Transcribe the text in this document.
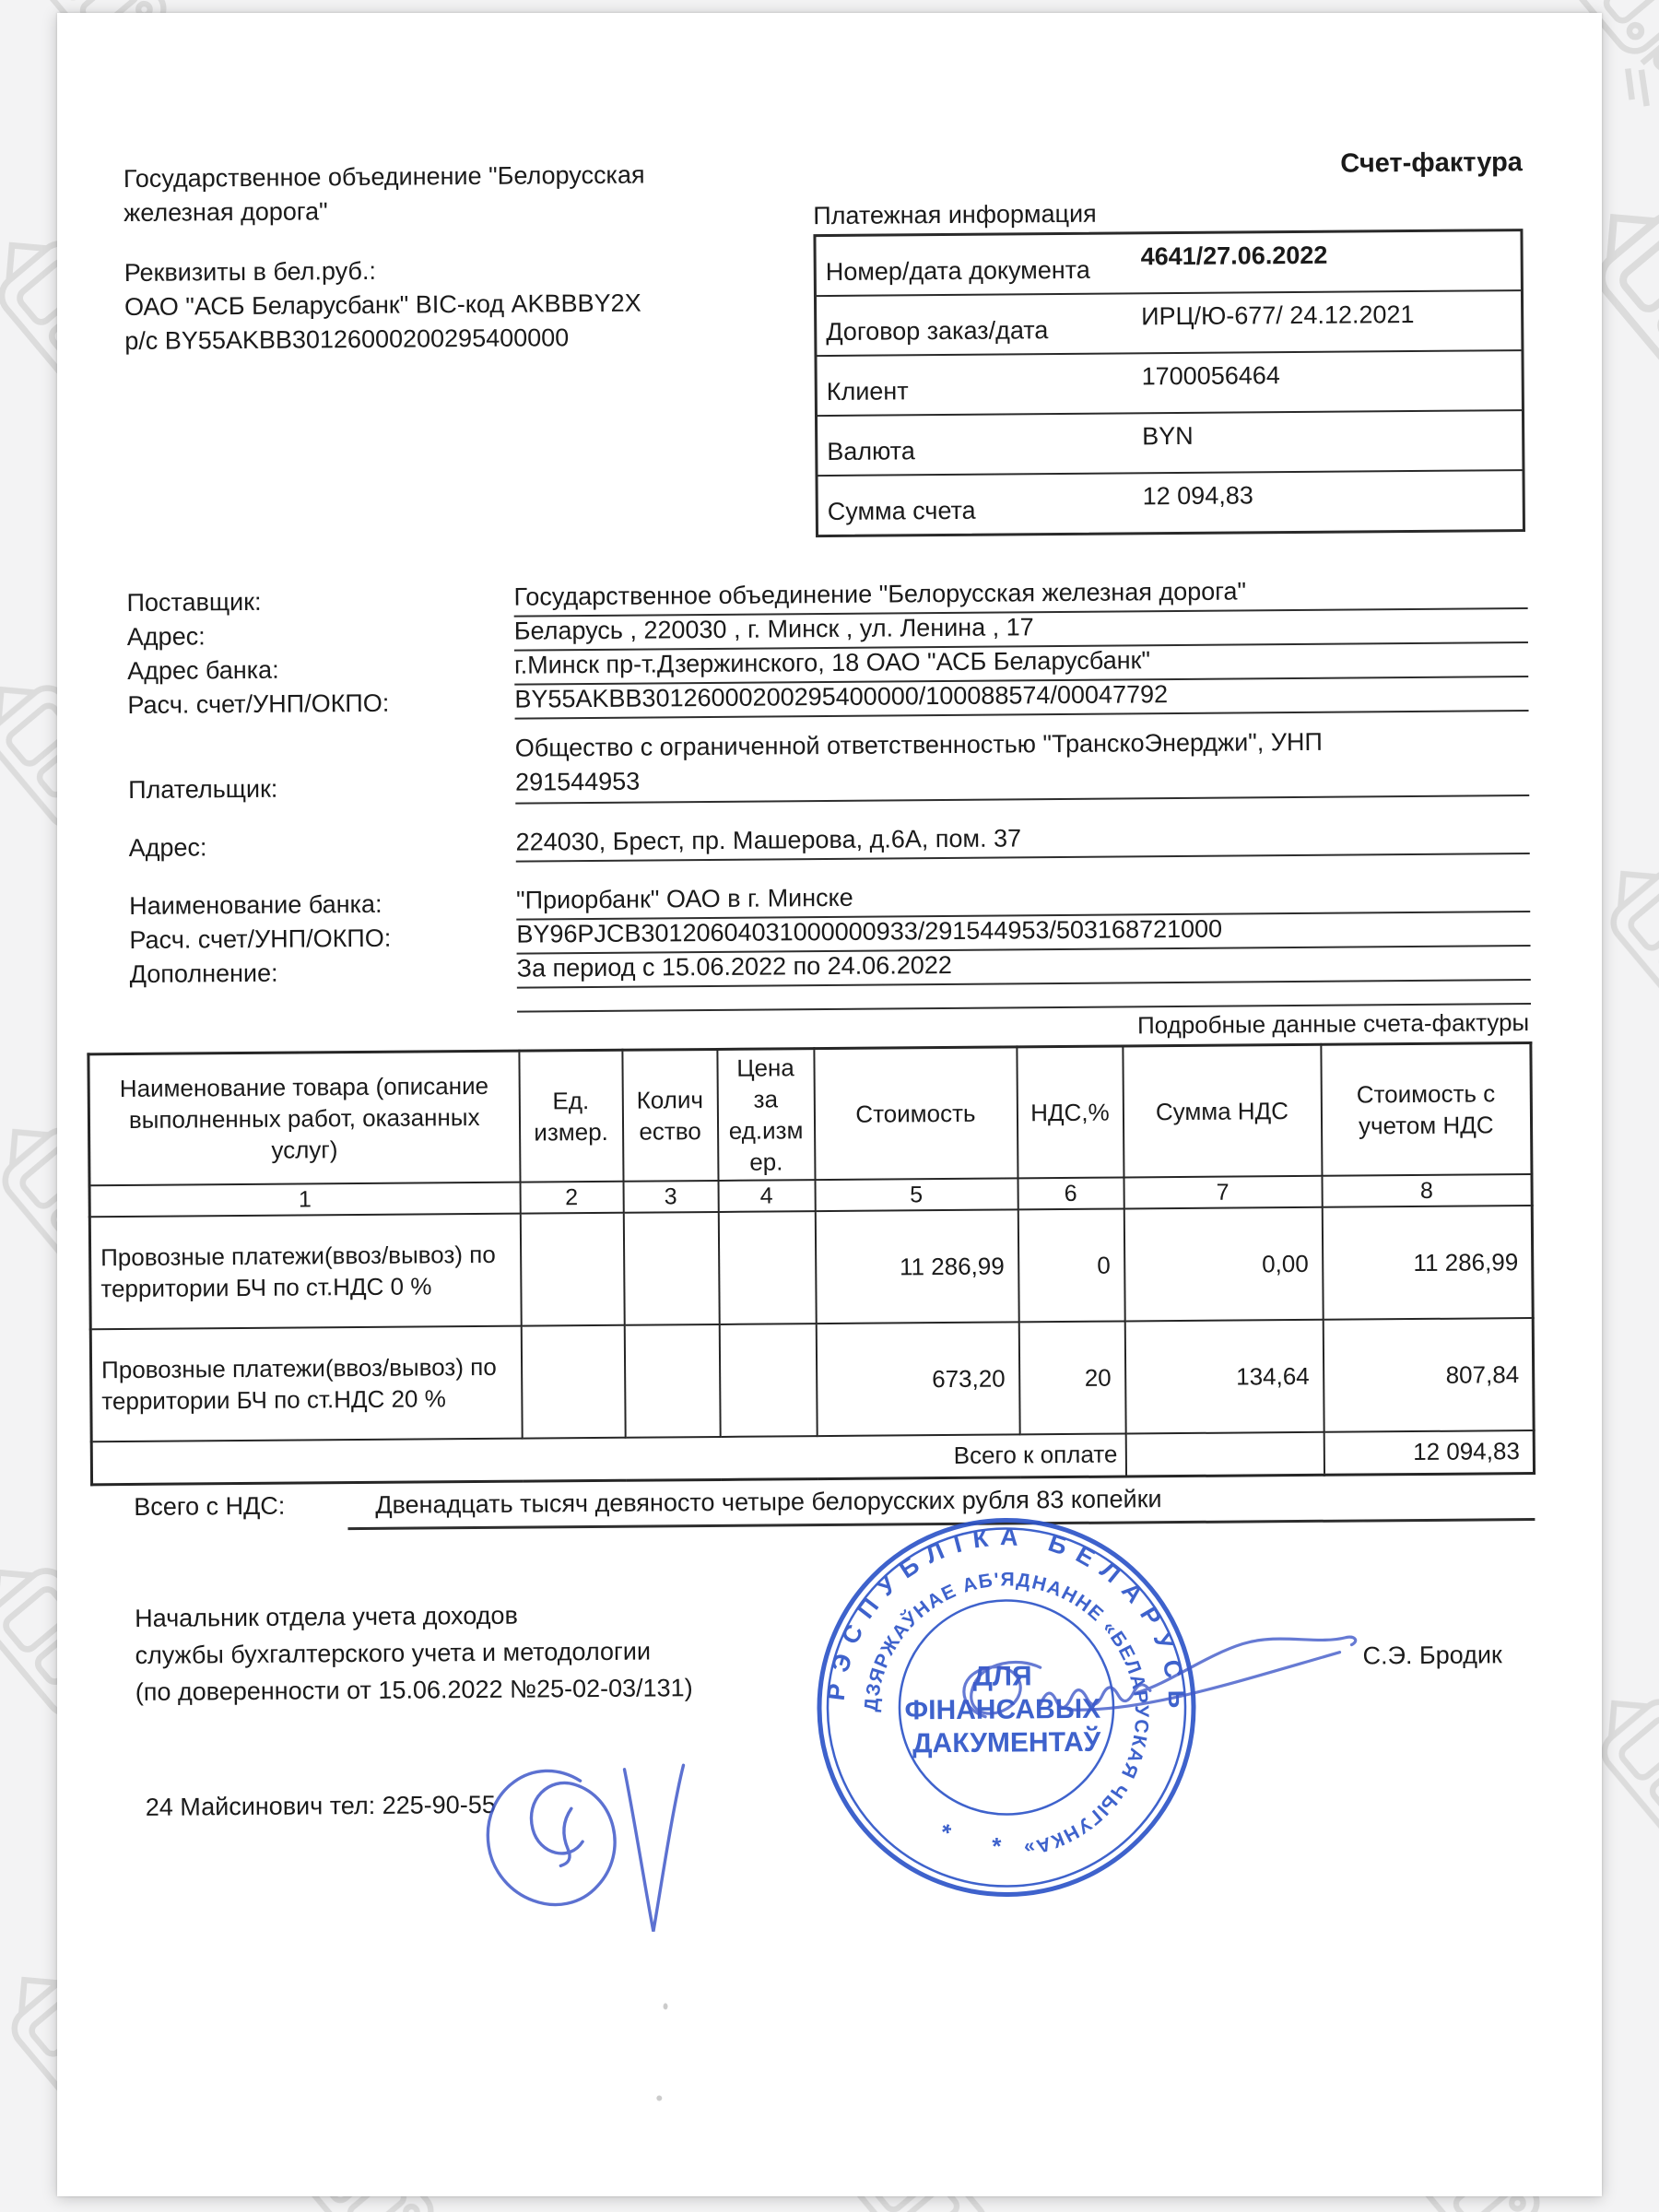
Государственное объединение "Белорусская железная дорога"
Реквизиты в бел.руб.:
ОАО "АСБ Беларусбанк" BIC-код AKBBBY2X
р/с BY55AKBB30126000200295400000
Счет-фактура
Платежная информация
Номер/дата документа
4641/27.06.2022
Договор заказ/дата
ИРЦ/Ю-677/ 24.12.2021
Клиент
1700056464
Валюта
BYN
Сумма счета
12 094,83
Поставщик:	Государственное объединение "Белорусская железная дорога"
Адрес:	Беларусь , 220030 , г. Минск , ул. Ленина , 17
Адрес банка:	г.Минск пр-т.Дзержинского, 18 ОАО "АСБ Беларусбанк"
Расч. счет/УНП/ОКПО:	BY55AKBB30126000200295400000/100088574/00047792
Плательщик:
Общество с ограниченной ответственностью "ТранскоЭнерджи", УНП 291544953
Адрес:	224030, Брест, пр. Машерова, д.6А, пом. 37
Наименование банка:	"Приорбанк" ОАО в г. Минске
Расч. счет/УНП/ОКПО:	BY96PJCB30120604031000000933/291544953/503168721000
Дополнение:	За период с 15.06.2022 по 24.06.2022
Подробные данные счета-фактуры
Наименование товара (описание выполненных работ, оказанных услуг)	Ед. измер.	Колич ество	Цена за ед.изм ер.	Стоимость	НДС,%	Сумма НДС	Стоимость с учетом НДС
1	2	3	4	5	6	7	8
Провозные платежи(ввоз/вывоз) по территории БЧ по ст.НДС 0 %				11 286,99	0	0,00	11 286,99
Провозные платежи(ввоз/вывоз) по территории БЧ по ст.НДС 20 %				673,20	20	134,64	807,84
Всего к оплате							12 094,83
Всего с НДС:	Двенадцать тысяч девяносто четыре белорусских рубля 83 копейки
Начальник отдела учета доходов
службы бухгалтерского учета и методологии
(по доверенности от 15.06.2022 №25-02-03/131)
С.Э. Бродик
24 Майсинович тел: 225-90-55
РЭСПУБЛІКА БЕЛАРУСЬ
* *
ДЗЯРЖАЎНАЕ АБ'ЯДНАННЕ «БЕЛАРУСКАЯ ЧЫГУНКА»
ДЛЯ ФІНАНСАВЫХ ДАКУМЕНТАЎ
